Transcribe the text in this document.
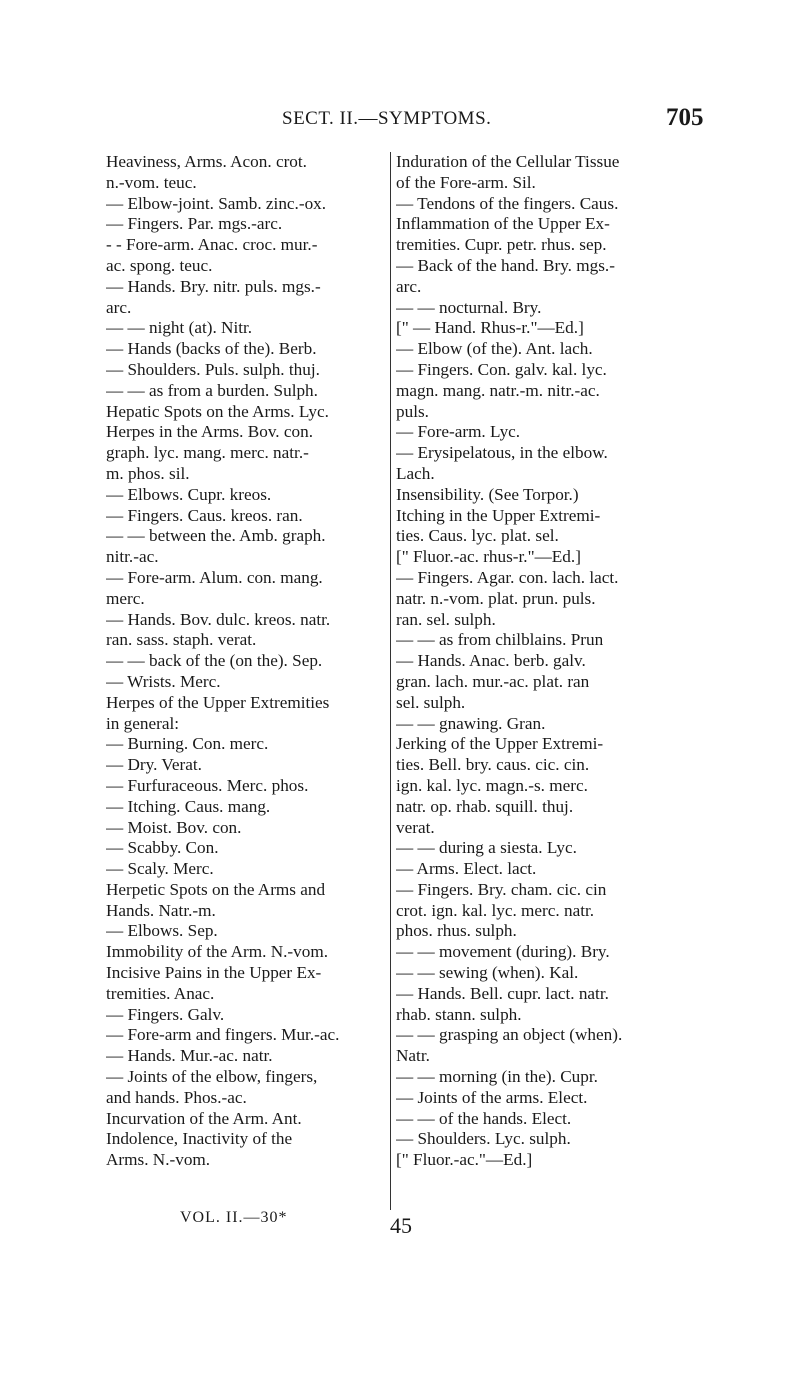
SECT. II.—SYMPTOMS.	705
Heaviness, Arms. Acon. crot.
n.-vom. teuc.
— Elbow-joint. Samb. zinc.-ox.
— Fingers. Par. mgs.-arc.
- - Fore-arm. Anac. croc. mur.-
ac. spong. teuc.
— Hands. Bry. nitr. puls. mgs.-
arc.
— — night (at). Nitr.
— Hands (backs of the). Berb.
— Shoulders. Puls. sulph. thuj.
— — as from a burden. Sulph.
Hepatic Spots on the Arms. Lyc.
Herpes in the Arms. Bov. con.
graph. lyc. mang. merc. natr.-
m. phos. sil.
— Elbows. Cupr. kreos.
— Fingers. Caus. kreos. ran.
— — between the. Amb. graph.
nitr.-ac.
— Fore-arm. Alum. con. mang.
merc.
— Hands. Bov. dulc. kreos. natr.
ran. sass. staph. verat.
— — back of the (on the). Sep.
— Wrists. Merc.
Herpes of the Upper Extremities
in general:
— Burning. Con. merc.
— Dry. Verat.
— Furfuraceous. Merc. phos.
— Itching. Caus. mang.
— Moist. Bov. con.
— Scabby. Con.
— Scaly. Merc.
Herpetic Spots on the Arms and
Hands. Natr.-m.
— Elbows. Sep.
Immobility of the Arm. N.-vom.
Incisive Pains in the Upper Ex-
tremities. Anac.
— Fingers. Galv.
— Fore-arm and fingers. Mur.-ac.
— Hands. Mur.-ac. natr.
— Joints of the elbow, fingers,
and hands. Phos.-ac.
Incurvation of the Arm. Ant.
Indolence, Inactivity of the
Arms. N.-vom.
Induration of the Cellular Tissue
of the Fore-arm. Sil.
— Tendons of the fingers. Caus.
Inflammation of the Upper Ex-
tremities. Cupr. petr. rhus. sep.
— Back of the hand. Bry. mgs.-
arc.
— — nocturnal. Bry.
[" — Hand. Rhus-r."—Ed.]
— Elbow (of the). Ant. lach.
— Fingers. Con. galv. kal. lyc.
magn. mang. natr.-m. nitr.-ac.
puls.
— Fore-arm. Lyc.
— Erysipelatous, in the elbow.
Lach.
Insensibility. (See Torpor.)
Itching in the Upper Extremi-
ties. Caus. lyc. plat. sel.
[" Fluor.-ac. rhus-r."—Ed.]
— Fingers. Agar. con. lach. lact.
natr. n.-vom. plat. prun. puls.
ran. sel. sulph.
— — as from chilblains. Prun
— Hands. Anac. berb. galv.
gran. lach. mur.-ac. plat. ran
sel. sulph.
— — gnawing. Gran.
Jerking of the Upper Extremi-
ties. Bell. bry. caus. cic. cin.
ign. kal. lyc. magn.-s. merc.
natr. op. rhab. squill. thuj.
verat.
— — during a siesta. Lyc.
— Arms. Elect. lact.
— Fingers. Bry. cham. cic. cin
crot. ign. kal. lyc. merc. natr.
phos. rhus. sulph.
— — movement (during). Bry.
— — sewing (when). Kal.
— Hands. Bell. cupr. lact. natr.
rhab. stann. sulph.
— — grasping an object (when).
Natr.
— — morning (in the). Cupr.
— Joints of the arms. Elect.
— — of the hands. Elect.
— Shoulders. Lyc. sulph.
[" Fluor.-ac."—Ed.]
VOL. II.—30*	45
